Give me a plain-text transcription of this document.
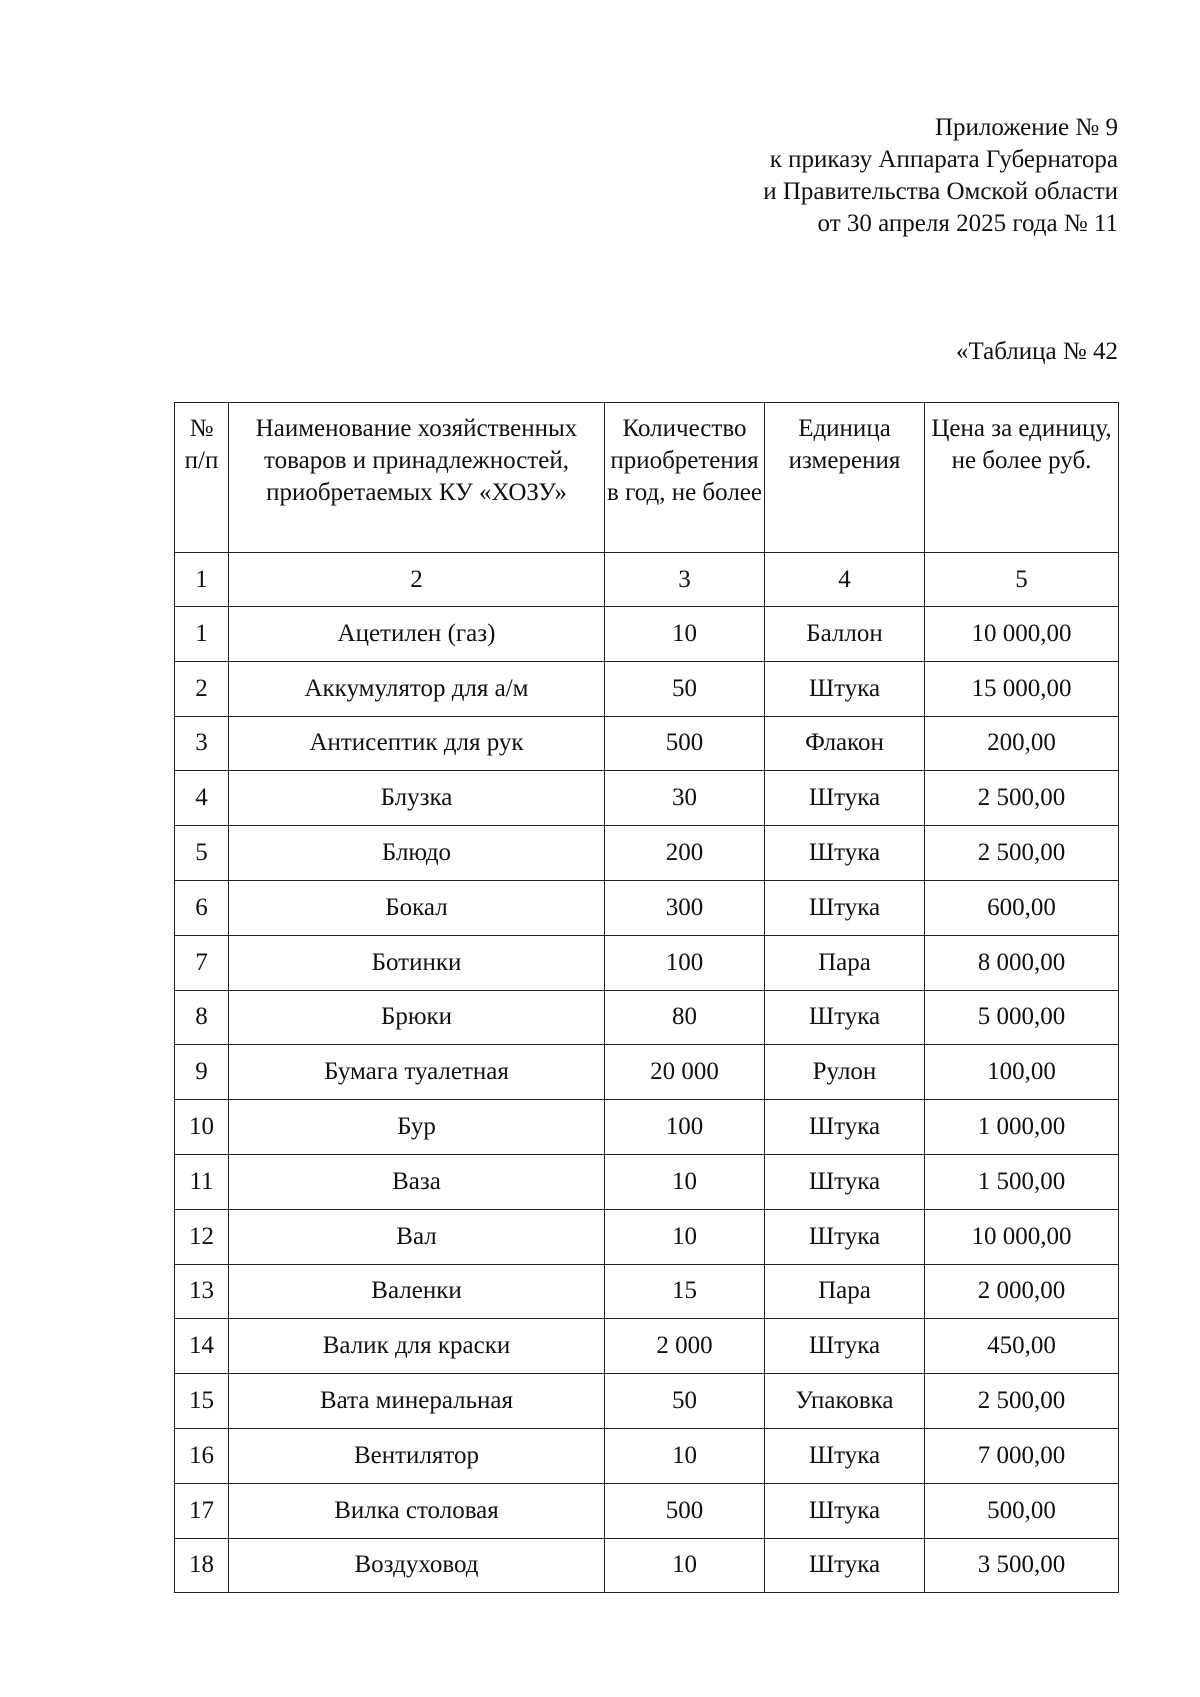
Приложение № 9
к приказу Аппарата Губернатора
и Правительства Омской области
от 30 апреля 2025 года № 11
«Таблица № 42
№ п/п	Наименование хозяйственных товаров и принадлежностей, приобретаемых КУ «ХОЗУ»	Количество приобретения в год, не более	Единица измерения	Цена за единицу, не более руб.
1	2	3	4	5
1	Ацетилен (газ)	10	Баллон	10 000,00
2	Аккумулятор для а/м	50	Штука	15 000,00
3	Антисептик для рук	500	Флакон	200,00
4	Блузка	30	Штука	2 500,00
5	Блюдо	200	Штука	2 500,00
6	Бокал	300	Штука	600,00
7	Ботинки	100	Пара	8 000,00
8	Брюки	80	Штука	5 000,00
9	Бумага туалетная	20 000	Рулон	100,00
10	Бур	100	Штука	1 000,00
11	Ваза	10	Штука	1 500,00
12	Вал	10	Штука	10 000,00
13	Валенки	15	Пара	2 000,00
14	Валик для краски	2 000	Штука	450,00
15	Вата минеральная	50	Упаковка	2 500,00
16	Вентилятор	10	Штука	7 000,00
17	Вилка столовая	500	Штука	500,00
18	Воздуховод	10	Штука	3 500,00
